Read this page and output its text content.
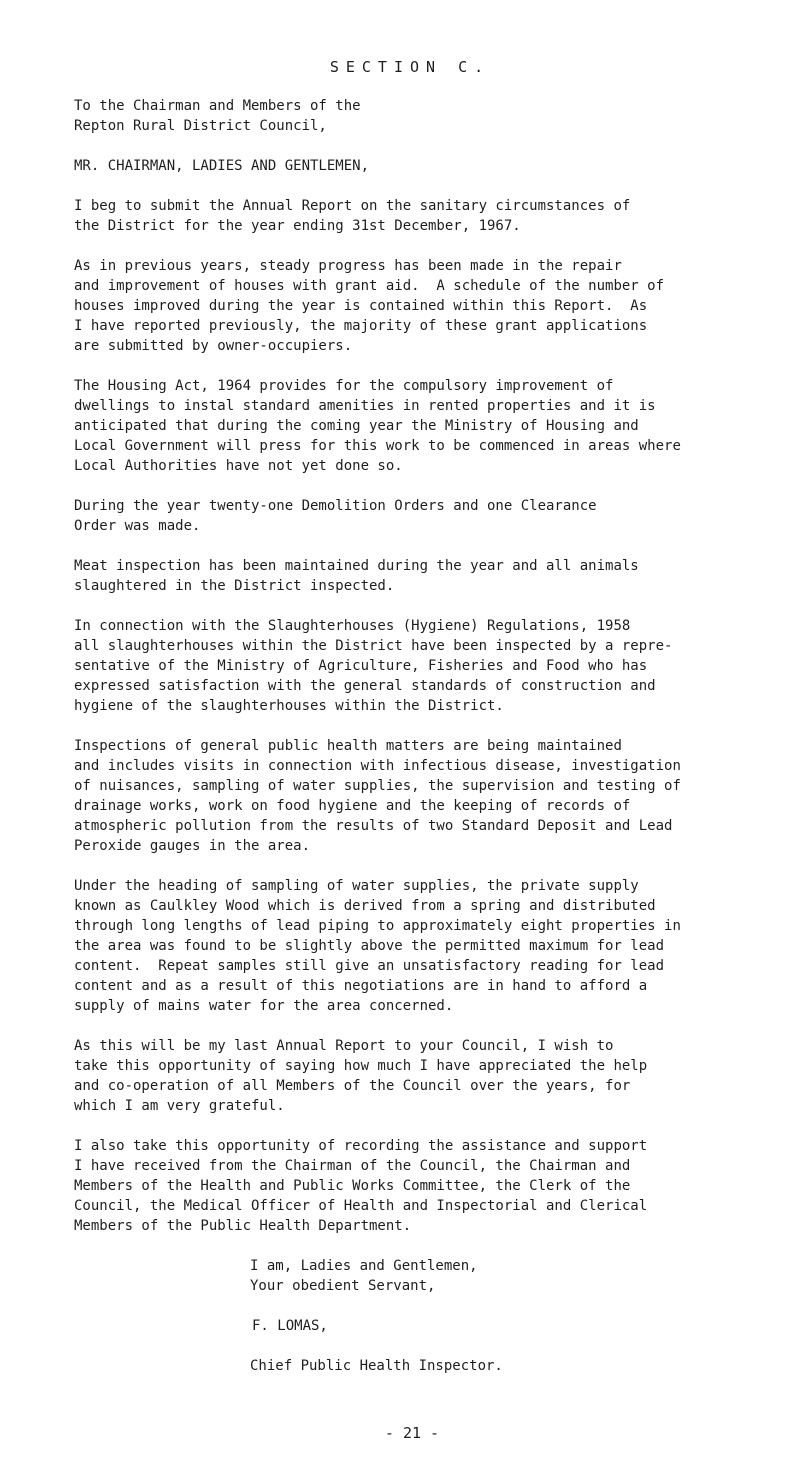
SECTION C.
To the Chairman and Members of the
Repton Rural District Council,
MR. CHAIRMAN, LADIES AND GENTLEMEN,
I beg to submit the Annual Report on the sanitary circumstances of
the District for the year ending 31st December, 1967.
As in previous years, steady progress has been made in the repair
and improvement of houses with grant aid.  A schedule of the number of
houses improved during the year is contained within this Report.  As
I have reported previously, the majority of these grant applications
are submitted by owner-occupiers.
The Housing Act, 1964 provides for the compulsory improvement of
dwellings to instal standard amenities in rented properties and it is
anticipated that during the coming year the Ministry of Housing and
Local Government will press for this work to be commenced in areas where
Local Authorities have not yet done so.
During the year twenty-one Demolition Orders and one Clearance
Order was made.
Meat inspection has been maintained during the year and all animals
slaughtered in the District inspected.
In connection with the Slaughterhouses (Hygiene) Regulations, 1958
all slaughterhouses within the District have been inspected by a repre-
sentative of the Ministry of Agriculture, Fisheries and Food who has
expressed satisfaction with the general standards of construction and
hygiene of the slaughterhouses within the District.
Inspections of general public health matters are being maintained
and includes visits in connection with infectious disease, investigation
of nuisances, sampling of water supplies, the supervision and testing of
drainage works, work on food hygiene and the keeping of records of
atmospheric pollution from the results of two Standard Deposit and Lead
Peroxide gauges in the area.
Under the heading of sampling of water supplies, the private supply
known as Caulkley Wood which is derived from a spring and distributed
through long lengths of lead piping to approximately eight properties in
the area was found to be slightly above the permitted maximum for lead
content.  Repeat samples still give an unsatisfactory reading for lead
content and as a result of this negotiations are in hand to afford a
supply of mains water for the area concerned.
As this will be my last Annual Report to your Council, I wish to
take this opportunity of saying how much I have appreciated the help
and co-operation of all Members of the Council over the years, for
which I am very grateful.
I also take this opportunity of recording the assistance and support
I have received from the Chairman of the Council, the Chairman and
Members of the Health and Public Works Committee, the Clerk of the
Council, the Medical Officer of Health and Inspectorial and Clerical
Members of the Public Health Department.
I am, Ladies and Gentlemen,
Your obedient Servant,
F. LOMAS,
Chief Public Health Inspector.
- 21 -
